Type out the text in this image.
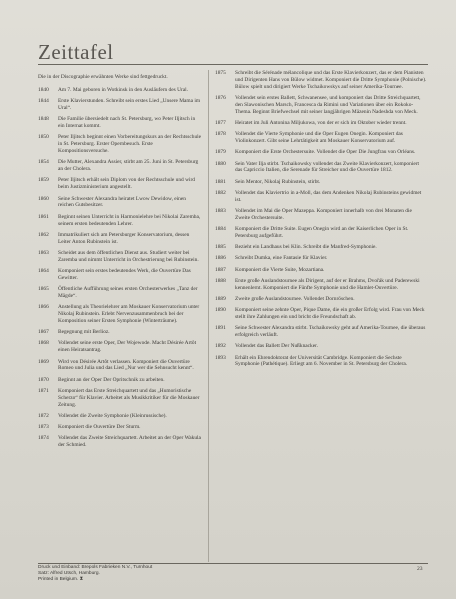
Zeittafel
Die in der Discographie erwähnten Werke sind fettgedruckt.
1840	Am 7. Mai geboren in Wotkinsk in den Ausläufern des Ural.
1844	Erste Klavierstunden. Schreibt sein erstes Lied „Unsere Mama im Ural“.
1848	Die Familie übersiedelt nach St. Petersburg, wo Peter Iljitsch in ein Internat kommt.
1850	Peter Iljitsch beginnt einen Vorbereitungskurs an der Rechtsschule in St. Petersburg. Erster Opernbesuch. Erste Kompositionsversuche.
1854	Die Mutter, Alexandra Assier, stirbt am 25. Juni in St. Petersburg an der Cholera.
1859	Peter Iljitsch erhält sein Diplom von der Rechtsschule und wird beim Justizministerium angestellt.
1860	Seine Schwester Alexandra heiratet Lwow Dewidow, einen reichen Gutsbesitzer.
1861	Beginnt seinen Unterricht in Harmonielehre bei Nikolai Zaremba, seinem ersten bedeutenden Lehrer.
1862	Immatrikuliert sich am Petersburger Konservatorium, dessen Leiter Anton Rubinstein ist.
1863	Scheidet aus dem öffentlichen Dienst aus. Studiert weiter bei Zaremba und nimmt Unterricht in Orchestrierung bei Rubinstein.
1864	Komponiert sein erstes bedeutendes Werk, die Ouvertüre Das Gewitter.
1865	Öffentliche Aufführung seines ersten Orchesterwerkes „Tanz der Mägde“.
1866	Anstellung als Theorielehrer am Moskauer Konservatorium unter Nikolaj Rubinstein. Erlebt Nervenzusammenbruch bei der Komposition seiner Ersten Symphonie (Winterträume).
1867	Begegnung mit Berlioz.
1868	Vollendet seine erste Oper, Der Wojewode. Macht Désirée Artôt einen Heiratsantrag.
1869	Wird von Désirée Artôt verlassen. Komponiert die Ouvertüre Romeo und Julia und das Lied „Nur wer die Sehnsucht kennt“.
1870	Beginnt an der Oper Der Opritschnik zu arbeiten.
1871	Komponiert das Erste Streichquartett und das „Humoristische Scherzo“ für Klavier. Arbeitet als Musikkritiker für die Moskauer Zeitung.
1872	Vollendet die Zweite Symphonie (Kleinrussische).
1873	Komponiert die Ouvertüre Der Sturm.
1874	Vollendet das Zweite Streichquartett. Arbeitet an der Oper Wakula der Schmied.
1875	Schreibt die Sérénade mélancolique und das Erste Klavierkonzert, das er dem Pianisten und Dirigenten Hans von Bülow widmet. Komponiert die Dritte Symphonie (Polnische). Bülow spielt und dirigiert Werke Tschaikowskys auf seiner Amerika-Tournee.
1876	Vollendet sein erstes Ballett, Schwanensee, und komponiert das Dritte Streichquartett, den Slawonischen Marsch, Francesca da Rimini und Variationen über ein Rokoko-Thema. Beginnt Briefwechsel mit seiner langjährigen Mäzenin Nadeshda von Meck.
1877	Heiratet im Juli Antonina Miljukowa, von der er sich im Oktober wieder trennt.
1878	Vollendet die Vierte Symphonie und die Oper Eugen Onegin. Komponiert das Violinkonzert. Gibt seine Lehrtätigkeit am Moskauer Konservatorium auf.
1879	Komponiert die Erste Orchestersuite. Vollendet die Oper Die Jungfrau von Orléans.
1880	Sein Vater Ilja stirbt. Tschaikowsky vollendet das Zweite Klavierkonzert, komponiert das Capriccio Italien, die Serenade für Streicher und die Ouvertüre 1812.
1881	Sein Mentor, Nikolaj Rubinstein, stirbt.
1882	Vollendet das Klaviertrio in a-Moll, das dem Andenken Nikolaj Rubinsteins gewidmet ist.
1883	Vollendet im Mai die Oper Mazeppa. Komponiert innerhalb von drei Monaten die Zweite Orchestersuite.
1884	Komponiert die Dritte Suite. Eugen Onegin wird an der Kaiserlichen Oper in St. Petersburg aufgeführt.
1885	Bezieht ein Landhaus bei Klin. Schreibt die Manfred-Symphonie.
1886	Schreibt Dumka, eine Fantasie für Klavier.
1887	Komponiert die Vierte Suite, Mozartiana.
1888	Erste große Auslandstournee als Dirigent, auf der er Brahms, Dvořák und Paderewski kennenlernt. Komponiert die Fünfte Symphonie und die Hamlet-Ouvertüre.
1889	Zweite große Auslandstournee. Vollendet Dornröschen.
1890	Komponiert seine zehnte Oper, Pique Dame, die ein großer Erfolg wird. Frau von Meck stellt ihre Zahlungen ein und bricht die Freundschaft ab.
1891	Seine Schwester Alexandra stirbt. Tschaikowsky geht auf Amerika-Tournee, die überaus erfolgreich verläuft.
1892	Vollendet das Ballett Der Nußknacker.
1893	Erhält ein Ehrendoktorat der Universität Cambridge. Komponiert die Sechste Symphonie (Pathétique). Erliegt am 6. November in St. Petersburg der Cholera.
Druck und Einband: Brepols Fabrieken N.V., Turnhout
Satz: Alfred Utsch, Hamburg.
Printed in Belgium. ⧗
23
